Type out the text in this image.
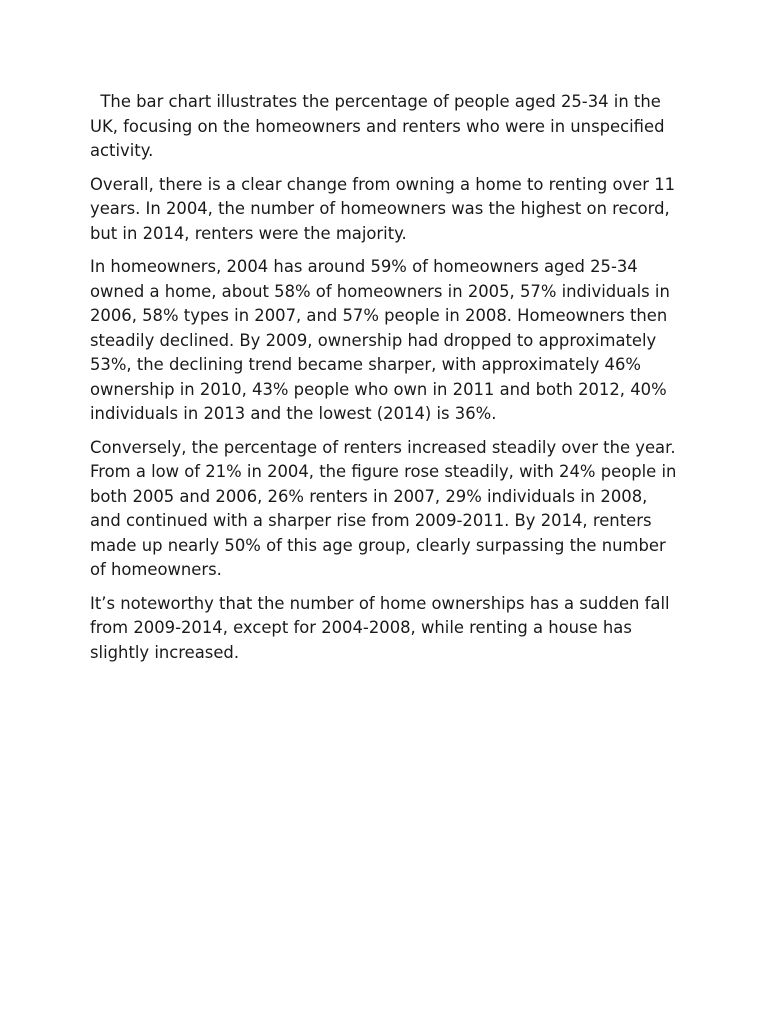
The bar chart illustrates the percentage of people aged 25-34 in the UK, focusing on the homeowners and renters who were in unspecified activity.

Overall, there is a clear change from owning a home to renting over 11 years. In 2004, the number of homeowners was the highest on record, but in 2014, renters were the majority.

In homeowners, 2004 has around 59% of homeowners aged 25-34 owned a home, about 58% of homeowners in 2005, 57% individuals in 2006, 58% types in 2007, and 57% people in 2008. Homeowners then steadily declined. By 2009, ownership had dropped to approximately 53%, the declining trend became sharper, with approximately 46% ownership in 2010, 43% people who own in 2011 and both 2012, 40% individuals in 2013 and the lowest (2014) is 36%.

Conversely, the percentage of renters increased steadily over the year. From a low of 21% in 2004, the figure rose steadily, with 24% people in both 2005 and 2006, 26% renters in 2007, 29% individuals in 2008, and continued with a sharper rise from 2009-2011. By 2014, renters made up nearly 50% of this age group, clearly surpassing the number of homeowners.

It’s noteworthy that the number of home ownerships has a sudden fall from 2009-2014, except for 2004-2008, while renting a house has slightly increased.
